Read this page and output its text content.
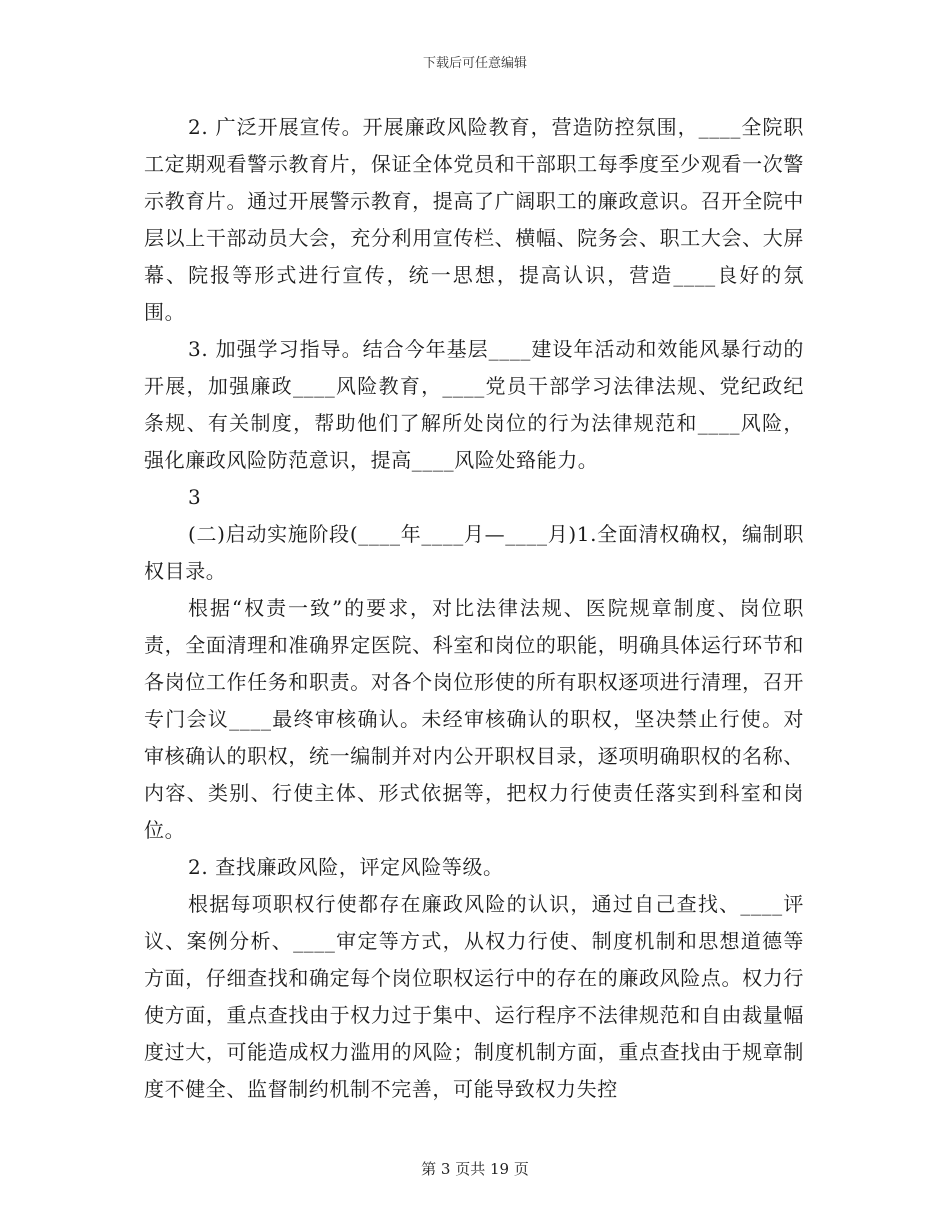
下载后可任意编辑

2. 广泛开展宣传。开展廉政风险教育，营造防控氛围，____全院职工定期观看警示教育片，保证全体党员和干部职工每季度至少观看一次警示教育片。通过开展警示教育，提高了广阔职工的廉政意识。召开全院中层以上干部动员大会，充分利用宣传栏、横幅、院务会、职工大会、大屏幕、院报等形式进行宣传，统一思想，提高认识，营造____良好的氛围。

3. 加强学习指导。结合今年基层____建设年活动和效能风暴行动的开展，加强廉政____风险教育，____党员干部学习法律法规、党纪政纪条规、有关制度，帮助他们了解所处岗位的行为法律规范和____风险，强化廉政风险防范意识，提高____风险处臵能力。

3

(二)启动实施阶段(____年____月—____月)1.全面清权确权，编制职权目录。

根据“权责一致”的要求，对比法律法规、医院规章制度、岗位职责，全面清理和准确界定医院、科室和岗位的职能，明确具体运行环节和各岗位工作任务和职责。对各个岗位形使的所有职权逐项进行清理，召开专门会议____最终审核确认。未经审核确认的职权，坚决禁止行使。对审核确认的职权，统一编制并对内公开职权目录，逐项明确职权的名称、内容、类别、行使主体、形式依据等，把权力行使责任落实到科室和岗位。

2. 查找廉政风险，评定风险等级。

根据每项职权行使都存在廉政风险的认识，通过自己查找、____评议、案例分析、____审定等方式，从权力行使、制度机制和思想道德等方面，仔细查找和确定每个岗位职权运行中的存在的廉政风险点。权力行使方面，重点查找由于权力过于集中、运行程序不法律规范和自由裁量幅度过大，可能造成权力滥用的风险；制度机制方面，重点查找由于规章制度不健全、监督制约机制不完善，可能导致权力失控

第 3 页共 19 页
